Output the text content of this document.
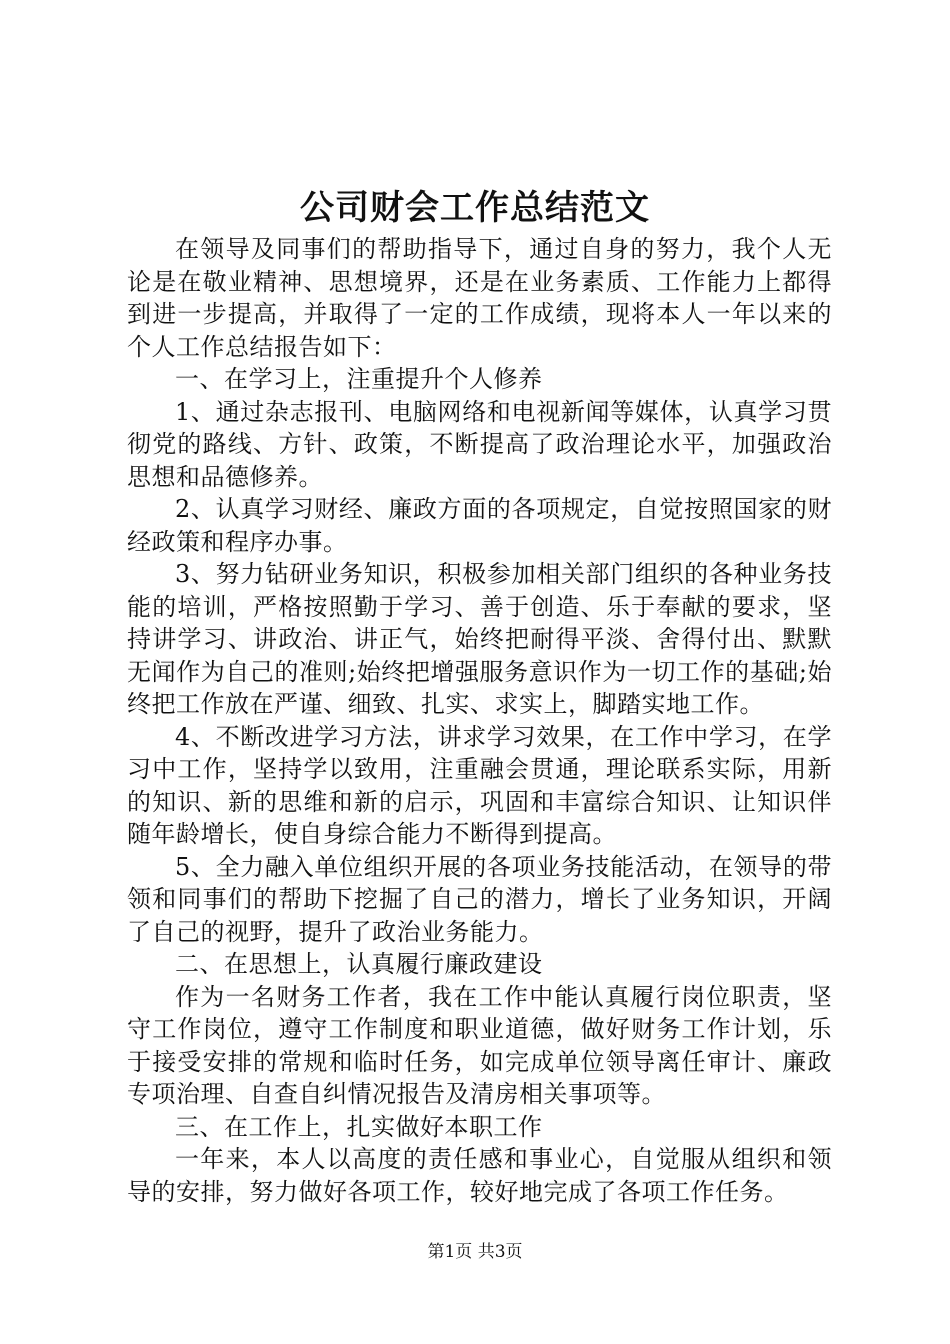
公司财会工作总结范文

在领导及同事们的帮助指导下，通过自身的努力，我个人无论是在敬业精神、思想境界，还是在业务素质、工作能力上都得到进一步提高，并取得了一定的工作成绩，现将本人一年以来的个人工作总结报告如下：

一、在学习上，注重提升个人修养

1、通过杂志报刊、电脑网络和电视新闻等媒体，认真学习贯彻党的路线、方针、政策，不断提高了政治理论水平，加强政治思想和品德修养。

2、认真学习财经、廉政方面的各项规定，自觉按照国家的财经政策和程序办事。

3、努力钻研业务知识，积极参加相关部门组织的各种业务技能的培训，严格按照勤于学习、善于创造、乐于奉献的要求，坚持讲学习、讲政治、讲正气，始终把耐得平淡、舍得付出、默默无闻作为自己的准则;始终把增强服务意识作为一切工作的基础;始终把工作放在严谨、细致、扎实、求实上，脚踏实地工作。

4、不断改进学习方法，讲求学习效果，在工作中学习，在学习中工作，坚持学以致用，注重融会贯通，理论联系实际，用新的知识、新的思维和新的启示，巩固和丰富综合知识、让知识伴随年龄增长，使自身综合能力不断得到提高。

5、全力融入单位组织开展的各项业务技能活动，在领导的带领和同事们的帮助下挖掘了自己的潜力，增长了业务知识，开阔了自己的视野，提升了政治业务能力。

二、在思想上，认真履行廉政建设

作为一名财务工作者，我在工作中能认真履行岗位职责，坚守工作岗位，遵守工作制度和职业道德，做好财务工作计划，乐于接受安排的常规和临时任务，如完成单位领导离任审计、廉政专项治理、自查自纠情况报告及清房相关事项等。

三、在工作上，扎实做好本职工作

一年来，本人以高度的责任感和事业心，自觉服从组织和领导的安排，努力做好各项工作，较好地完成了各项工作任务。

第1页 共3页
